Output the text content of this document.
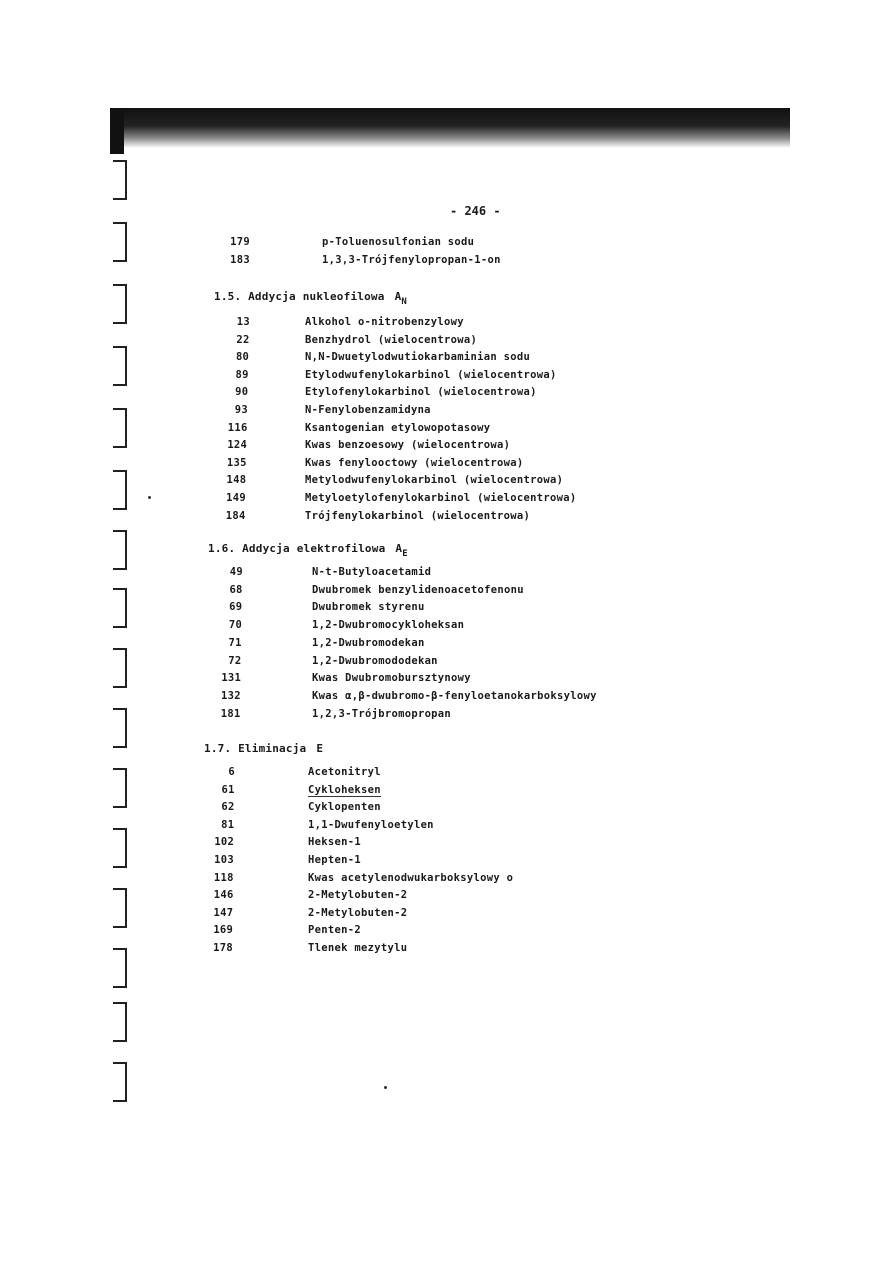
- 246 -
179	p-Toluenosulfonian sodu
183	1,3,3-Trójfenylopropan-1-on
1.5. Addycja nukleofilowa $A_N$
13	Alkohol o-nitrobenzylowy
22	Benzhydrol (wielocentrowa)
80	N,N-Dwuetylodwutiokarbaminian sodu
89	Etylodwufenylokarbinol (wielocentrowa)
90	Etylofenylokarbinol (wielocentrowa)
93	N-Fenylobenzamidyna
116	Ksantogenian etylowopotasowy
124	Kwas benzoesowy (wielocentrowa)
135	Kwas fenylooctowy (wielocentrowa)
148	Metylodwufenylokarbinol (wielocentrowa)
149	Metyloetylofenylokarbinol (wielocentrowa)
184	Trójfenylokarbinol (wielocentrowa)
1.6. Addycja elektrofilowa $A_E$
49	N-t-Butyloacetamid
68	Dwubromek benzylidenoacetofenonu
69	Dwubromek styrenu
70	1,2-Dwubromocykloheksan
71	1,2-Dwubromodekan
72	1,2-Dwubromododekan
131	Kwas Dwubromobursztynowy
132	Kwas α,β-dwubromo-β-fenyloetanokarboksylowy
181	1,2,3-Trójbromopropan
1.7. Eliminacja E
6	Acetonitryl
61	Cykloheksen
62	Cyklopenten
81	1,1-Dwufenyloetylen
102	Heksen-1
103	Hepten-1
118	Kwas acetylenodwukarboksylowy o
146	2-Metylobuten-2
147	2-Metylobuten-2
169	Penten-2
178	Tlenek mezytylu
